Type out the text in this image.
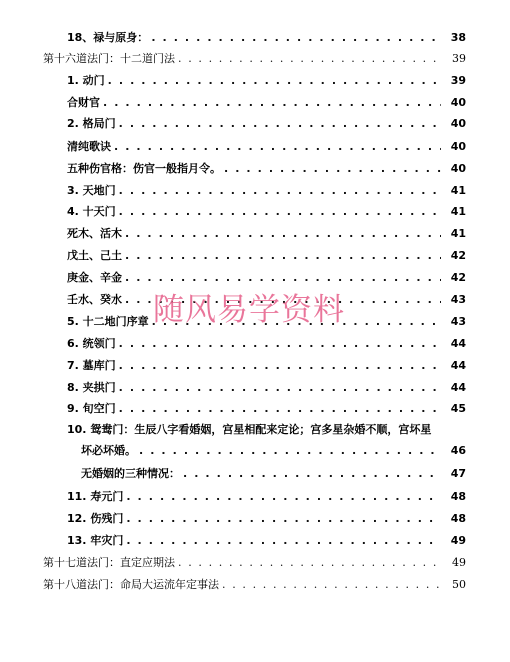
18、禄与原身： . . .	38
第十六道法门：十二道门法 . . .	39
1. 动门 . . .	39
合财官 . . .	40
2. 格局门 . . .	40
清纯歌诀 . . .	40
五种伤官格：伤官一般指月令。 . . .	40
3. 天地门 . . .	41
4. 十天门 . . .	41
死木、活木 . . .	41
戊土、己土 . . .	42
庚金、辛金 . . .	42
壬水、癸水 . . .	43
5. 十二地门序章 . . .	43
6. 统领门 . . .	44
7. 墓库门 . . .	44
8. 夹拱门 . . .	44
9. 旬空门 . . .	45
10. 鸳鸯门：生辰八字看婚姻，宫星相配来定论；宫多星杂婚不顺，宫坏星
坏必坏婚。 . . .	46
无婚姻的三种情况： . . .	47
11. 寿元门 . . .	48
12. 伤残门 . . .	48
13. 牢灾门 . . .	49
第十七道法门：直定应期法 . . .	49
第十八道法门：命局大运流年定事法 . . .	50
随风易学资料
